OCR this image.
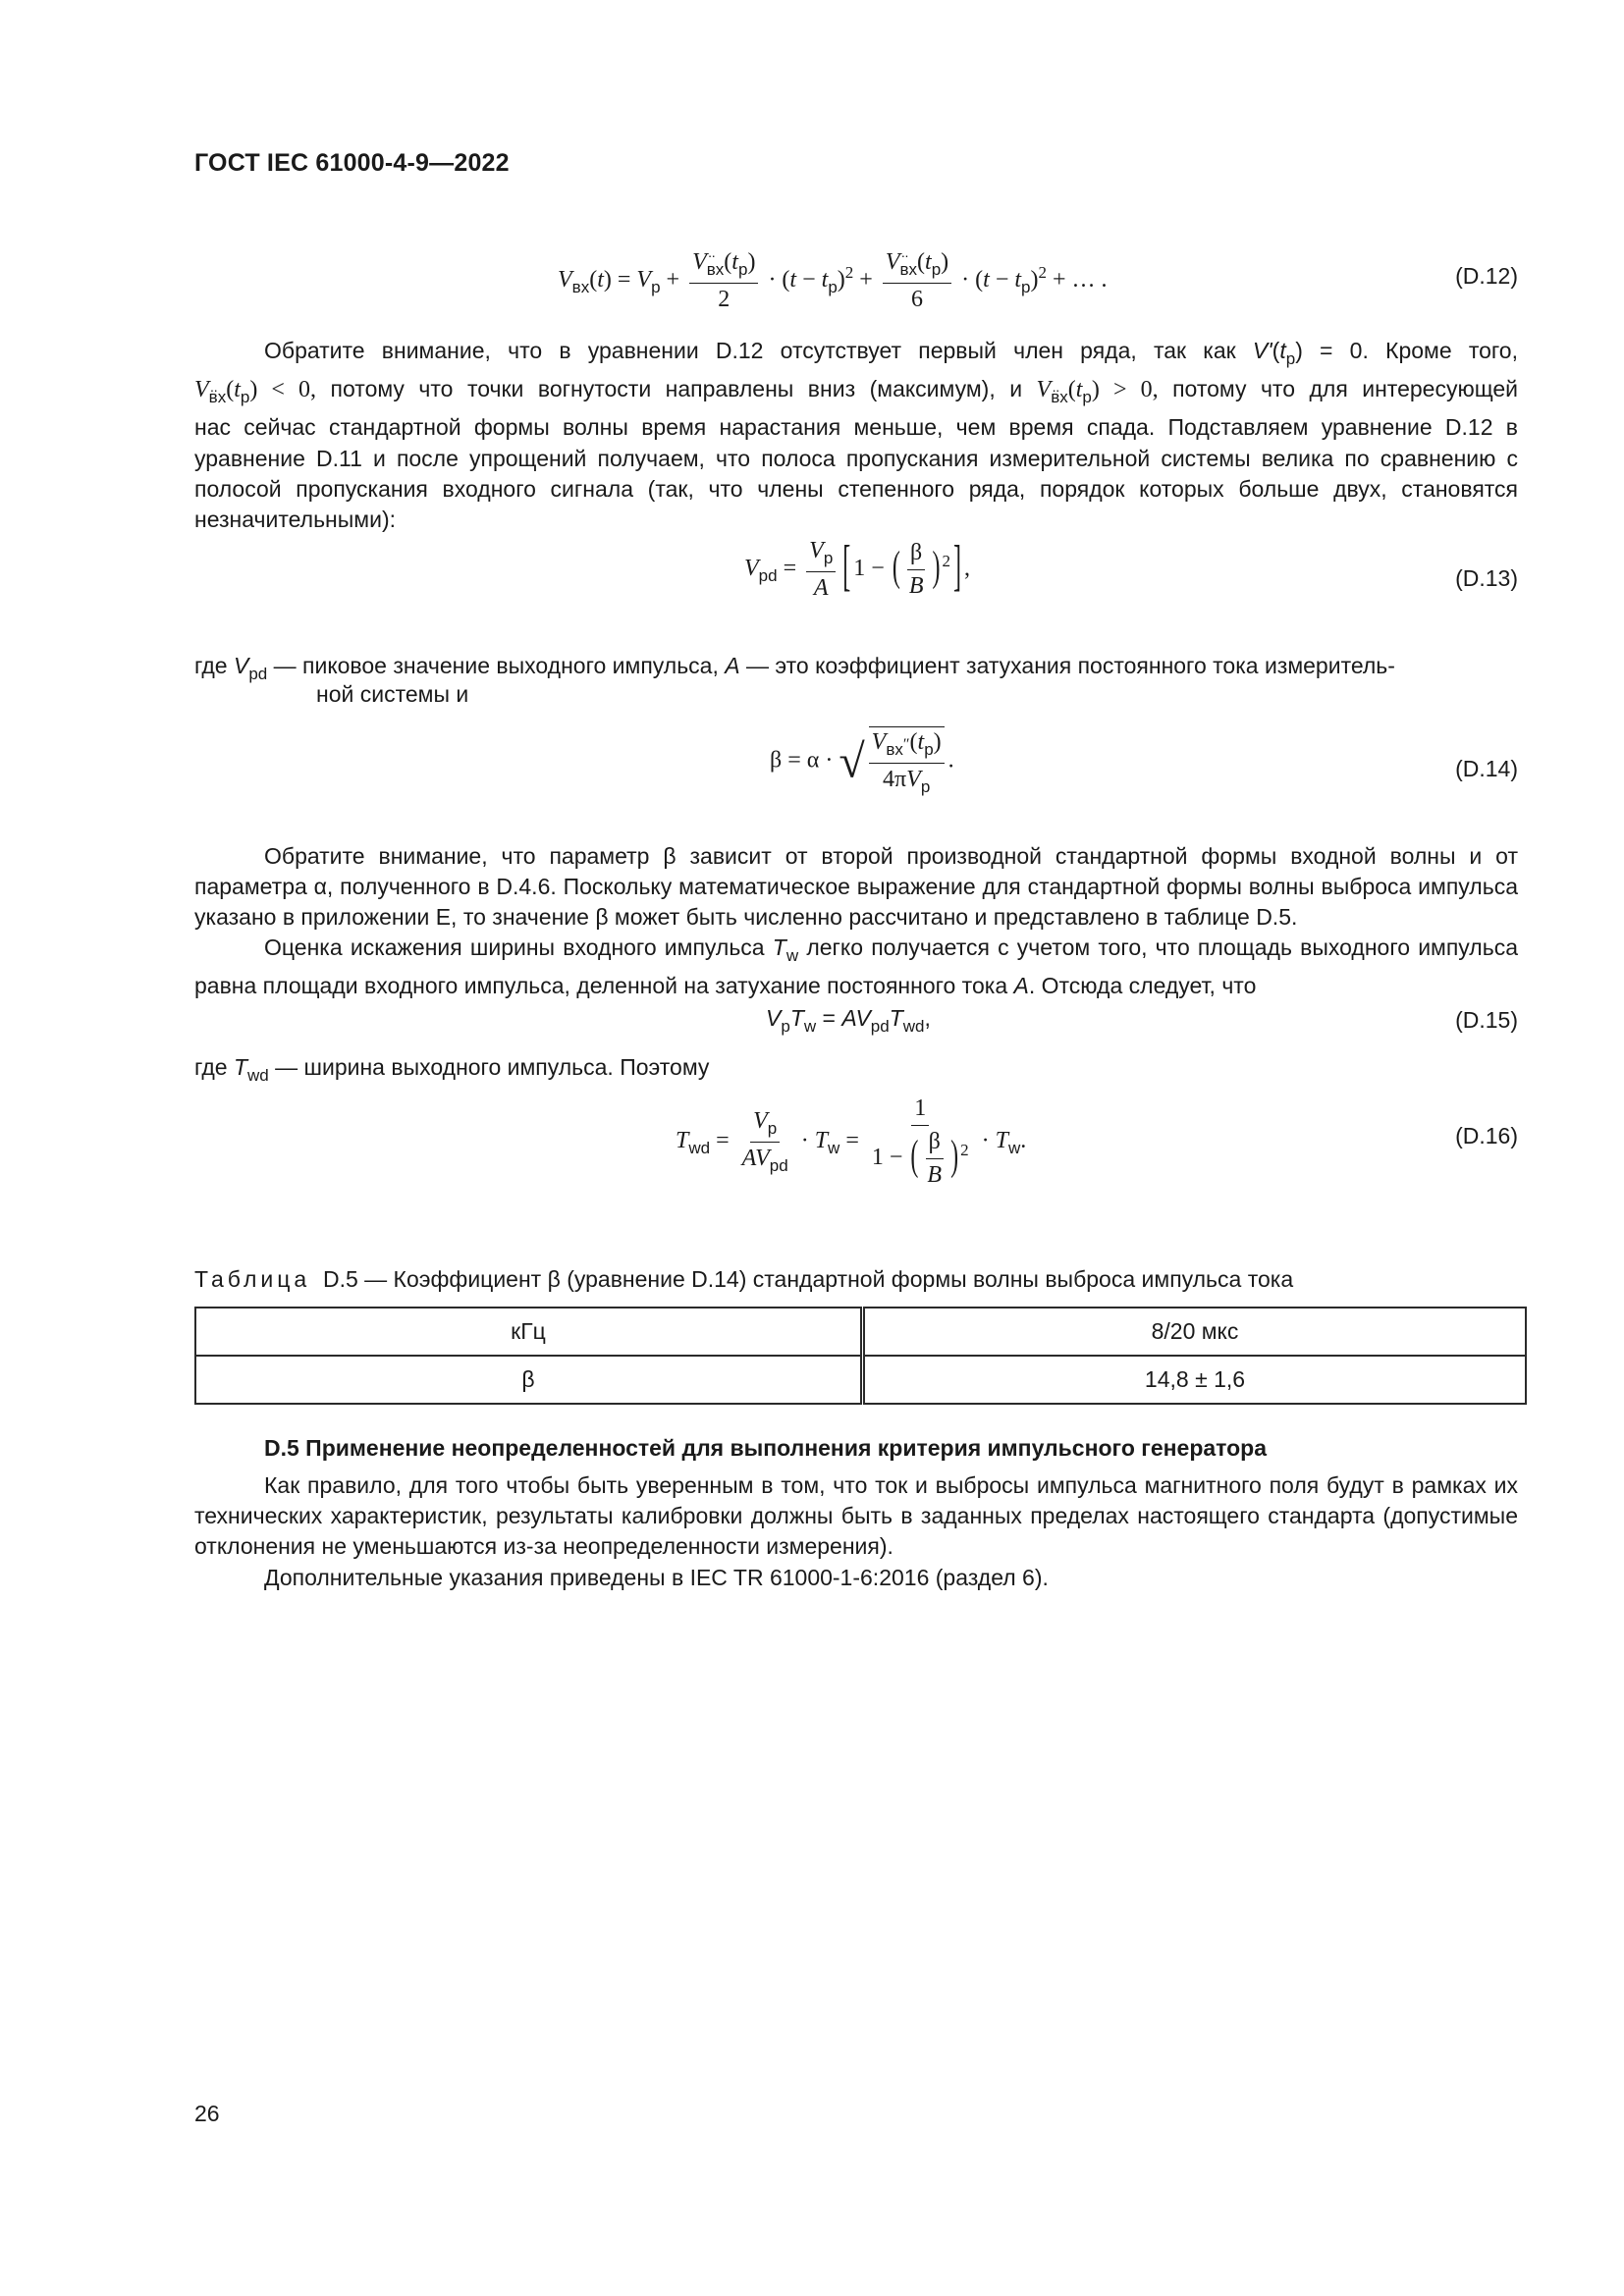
ГОСТ IEC 61000-4-9—2022
$V_{вх}(t) = V_p + \frac{V\cdot\cdot _{вх}(t_p)}{2} \cdot (t - t_p)^2 + \frac{V\cdot\cdot _{вх}(t_p)}{6} \cdot (t - t_p)^2$ + … .	(D.12)
Обратите внимание, что в уравнении D.12 отсутствует первый член ряда, так как $V'(t_p) = 0$. Кроме того,
$V\cdot\cdot _{вх}(t_p) < 0$, потому что точки вогнутости направлены вниз (максимум), и $V\cdot\cdot _{вх}(t_p) > 0$, потому что для интересующей
нас сейчас стандартной формы волны время нарастания меньше, чем время спада. Подставляем уравнение D.12 в уравнение D.11 и после упрощений получаем, что полоса пропускания измерительной системы велика по сравнению с полосой пропускания входного сигнала (так, что члены степенного ряда, порядок которых больше двух, становятся незначительными):
$V_{pd} = \frac{V_p}{A}$ [ 1 − ( $\frac{\beta}{B}$ ) $^2$ ] ,	(D.13)
где $V_{pd}$ — пиковое значение выходного импульса, A — это коэффициент затухания постоянного тока измеритель-
ной системы и
β = α · √ $\frac{V_{вх}''(t_p)}{4\pi V_p}$ .	(D.14)
Обратите внимание, что параметр β зависит от второй производной стандартной формы входной волны и от параметра α, полученного в D.4.6. Поскольку математическое выражение для стандартной формы волны выброса импульса указано в приложении E, то значение β может быть численно рассчитано и представлено в таблице D.5.
Оценка искажения ширины входного импульса $T_w$ легко получается с учетом того, что площадь выходного импульса равна площади входного импульса, деленной на затухание постоянного тока A. Отсюда следует, что
$V_pT_w = AV_{pd}T_{wd}$,	(D.15)
где $T_{wd}$ — ширина выходного импульса. Поэтому
$T_{wd} = \frac{V_p}{AV_{pd}} \cdot T_w = \frac{1}{1 - ( \frac{\beta}{B} ) ^2} \cdot T_w$.	(D.16)
Таблица D.5 — Коэффициент β (уравнение D.14) стандартной формы волны выброса импульса тока
кГц	8/20 мкс
β	14,8 ± 1,6
D.5 Применение неопределенностей для выполнения критерия импульсного генератора
Как правило, для того чтобы быть уверенным в том, что ток и выбросы импульса магнитного поля будут в рамках их технических характеристик, результаты калибровки должны быть в заданных пределах настоящего стандарта (допустимые отклонения не уменьшаются из-за неопределенности измерения).
Дополнительные указания приведены в IEC TR 61000-1-6:2016 (раздел 6).
26
